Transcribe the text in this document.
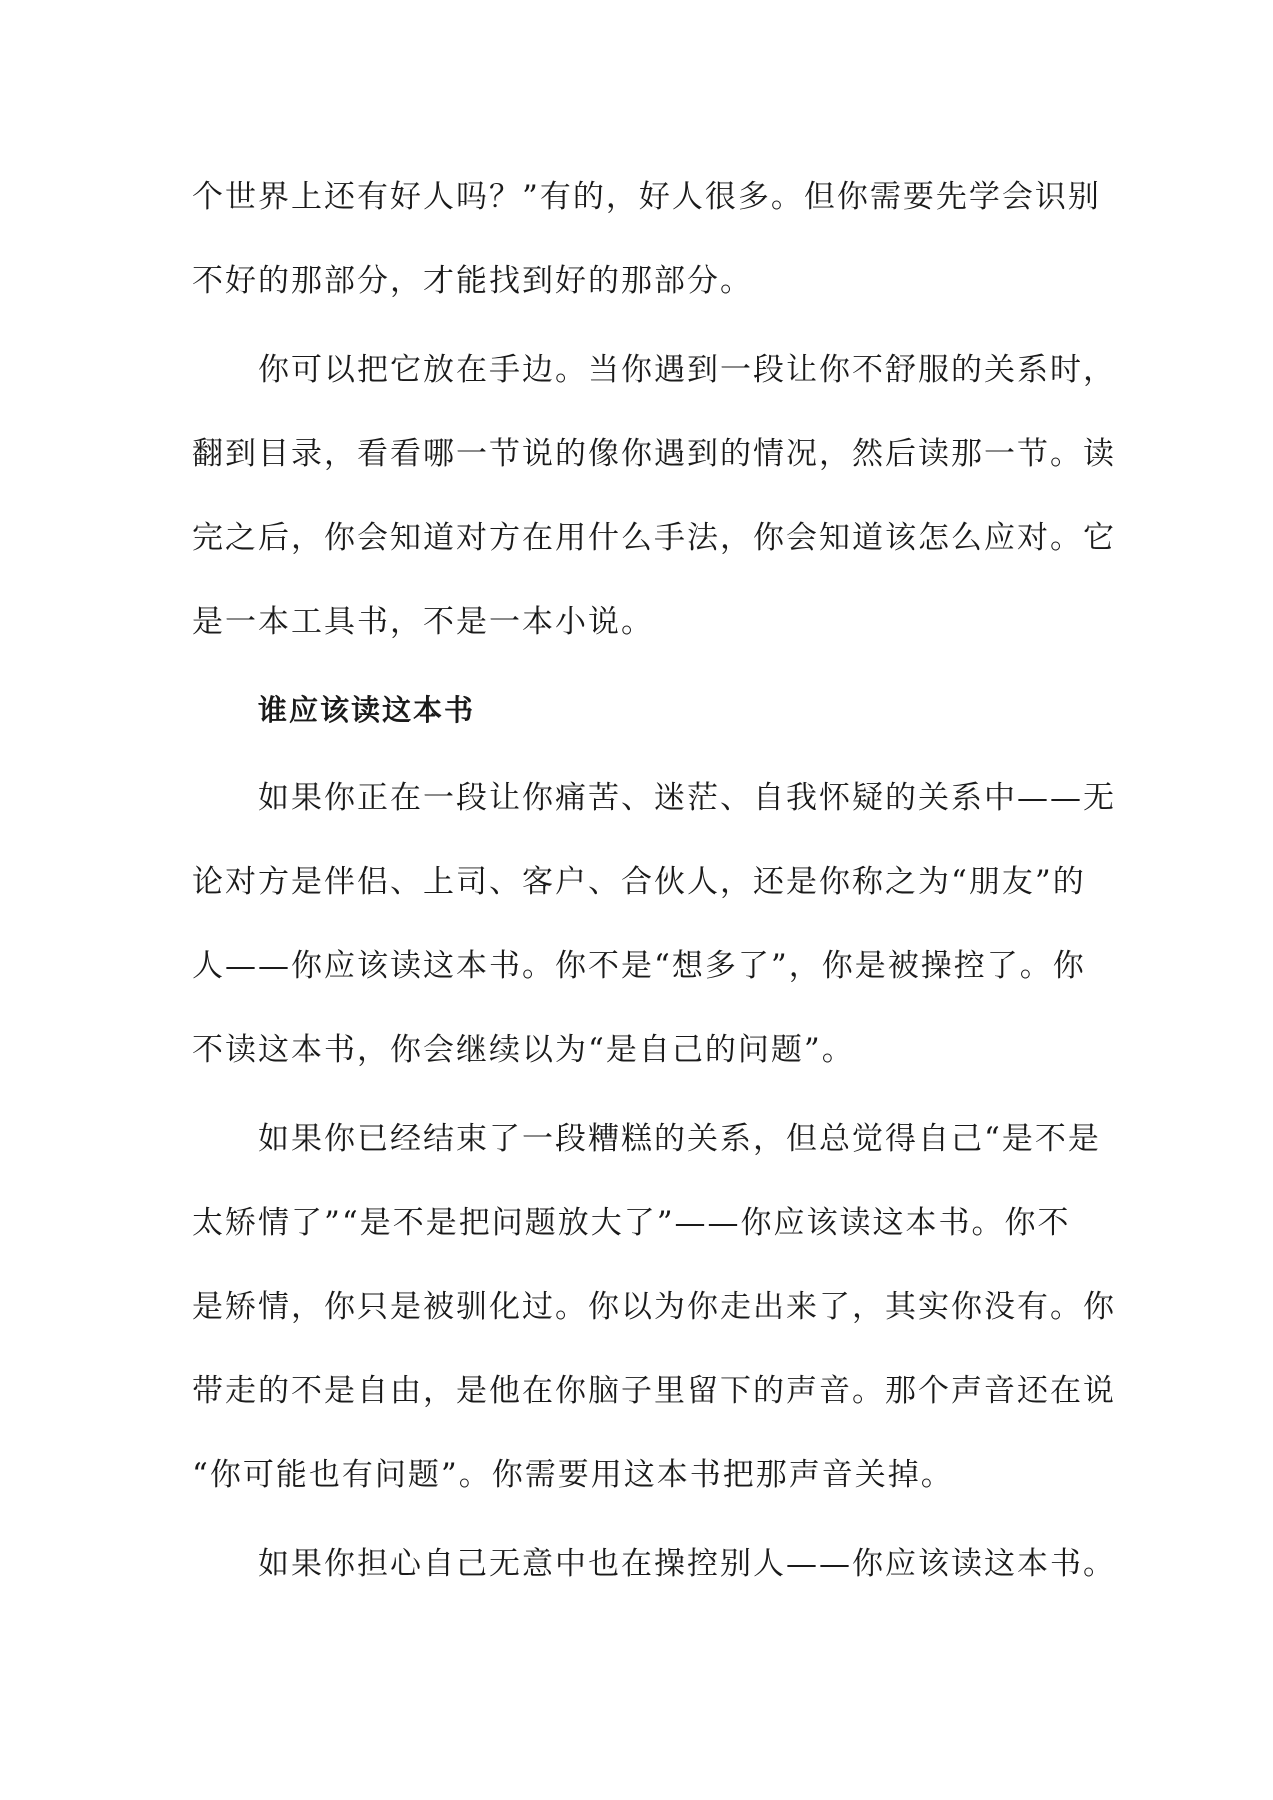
个世界上还有好人吗？”有的，好人很多。但你需要先学会识别
不好的那部分，才能找到好的那部分。
你可以把它放在手边。当你遇到一段让你不舒服的关系时，
翻到目录，看看哪一节说的像你遇到的情况，然后读那一节。读
完之后，你会知道对方在用什么手法，你会知道该怎么应对。它
是一本工具书，不是一本小说。
谁应该读这本书
如果你正在一段让你痛苦、迷茫、自我怀疑的关系中——无
论对方是伴侣、上司、客户、合伙人，还是你称之为“朋友”的
人——你应该读这本书。你不是“想多了”，你是被操控了。你
不读这本书，你会继续以为“是自己的问题”。
如果你已经结束了一段糟糕的关系，但总觉得自己“是不是
太矫情了”“是不是把问题放大了”——你应该读这本书。你不
是矫情，你只是被驯化过。你以为你走出来了，其实你没有。你
带走的不是自由，是他在你脑子里留下的声音。那个声音还在说
“你可能也有问题”。你需要用这本书把那声音关掉。
如果你担心自己无意中也在操控别人——你应该读这本书。
